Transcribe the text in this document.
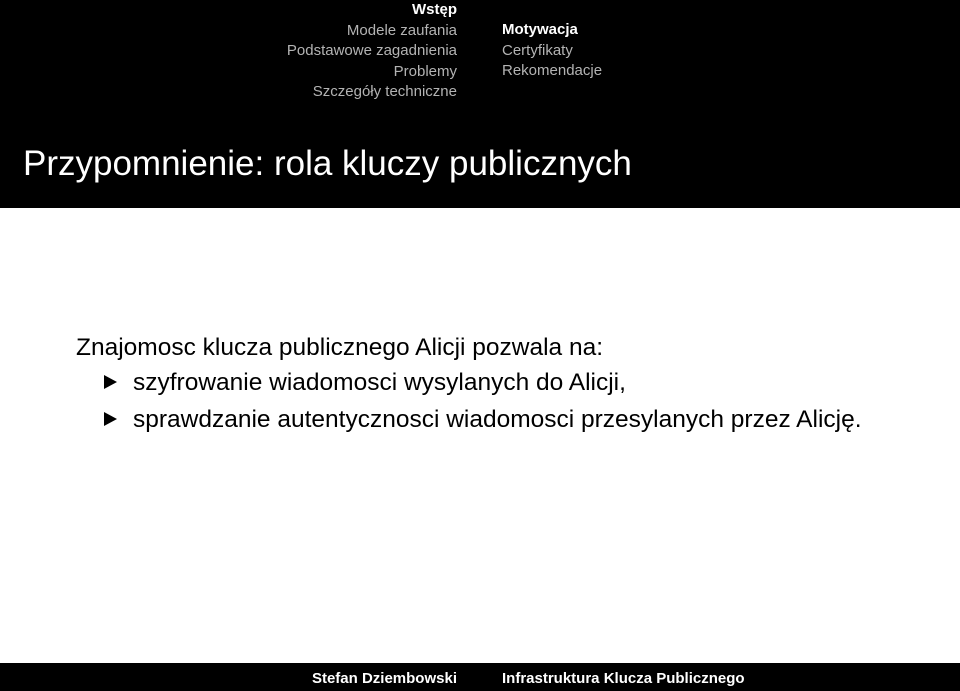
Wstęp
Modele zaufania
Podstawowe zagadnienia
Problemy
Szczegóły techniczne
Motywacja
Certyfikaty
Rekomendacje
Przypomnienie: rola kluczy publicznych
Znajomosc klucza publicznego Alicji pozwala na:
szyfrowanie wiadomosci wysylanych do Alicji,
sprawdzanie autentycznosci wiadomosci przesylanych przez Alicję.
Stefan Dziembowski	Infrastruktura Klucza Publicznego
